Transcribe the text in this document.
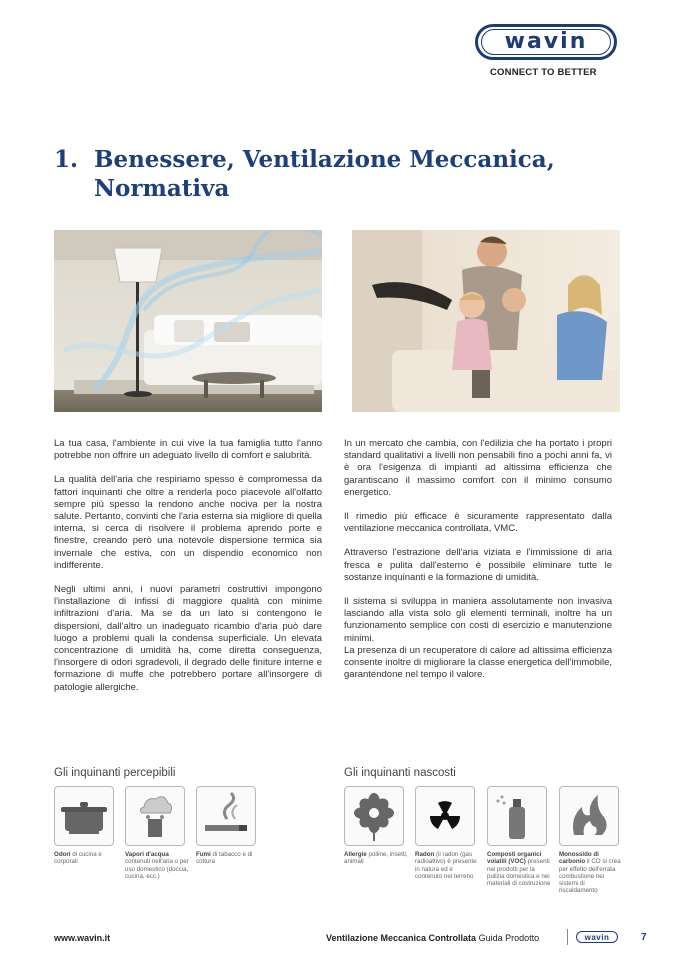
wavin
CONNECT TO BETTER
1. Benessere, Ventilazione Meccanica, Normativa

La tua casa, l'ambiente in cui vive la tua famiglia tutto l'anno potrebbe non offrire un adeguato livello di comfort e salubrità.

La qualità dell'aria che respiriamo spesso è compromessa da fattori inquinanti che oltre a renderla poco piacevole all'olfatto sempre più spesso la rendono anche nociva per la nostra salute. Pertanto, convinti che l'aria esterna sia migliore di quella interna, si cerca di risolvere il problema aprendo porte e finestre, creando però una notevole dispersione termica sia invernale che estiva, con un dispendio economico non indifferente.

Negli ultimi anni, i nuovi parametri costruttivi impongono l'installazione di infissi di maggiore qualità con minime infiltrazioni d'aria. Ma se da un lato si contengono le dispersioni, dall'altro un inadeguato ricambio d'aria può dare luogo a problemi quali la condensa superficiale. Un elevata concentrazione di umidità ha, come diretta conseguenza, l'insorgere di odori sgradevoli, il degrado delle finiture interne e formazione di muffe che potrebbero portare all'insorgere di patologie allergiche.

In un mercato che cambia, con l'edilizia che ha portato i propri standard qualitativi a livelli non pensabili fino a pochi anni fa, vi è ora l'esigenza di impianti ad altissima efficienza che garantiscano il massimo comfort con il minimo consumo energetico.

Il rimedio più efficace è sicuramente rappresentato dalla ventilazione meccanica controllata, VMC.

Attraverso l'estrazione dell'aria viziata e l'immissione di aria fresca e pulita dall'esterno è possibile eliminare tutte le sostanze inquinanti e la formazione di umidità.

Il sistema si sviluppa in maniera assolutamente non invasiva lasciando alla vista solo gli elementi terminali, inoltre ha un funzionamento semplice con costi di esercizio e manutenzione minimi.

La presenza di un recuperatore di calore ad altissima efficienza consente inoltre di migliorare la classe energetica dell'immobile, garantendone nel tempo il valore.

Gli inquinanti percepibili	Gli inquinanti nascosti
Odori di cucina e corporali
Vapori d'acqua contenuti nell'aria o per uso domestico (doccia, cucina, ecc.)
Fumi di tabacco e di cottura
Allergie polline, insetti, animali
Radon (il radon (gas radioattivo) è presente in natura ed è contenuto nel terreno
Composti organici volatili (VOC) presenti nei prodotti per la pulizia domestica e nei materiali di costruzione
Monossido di carbonio il CO si crea per effetto dell'errata combustione nei sistemi di riscaldamento
www.wavin.it	Ventilazione Meccanica Controllata Guida Prodotto	wavin	7
